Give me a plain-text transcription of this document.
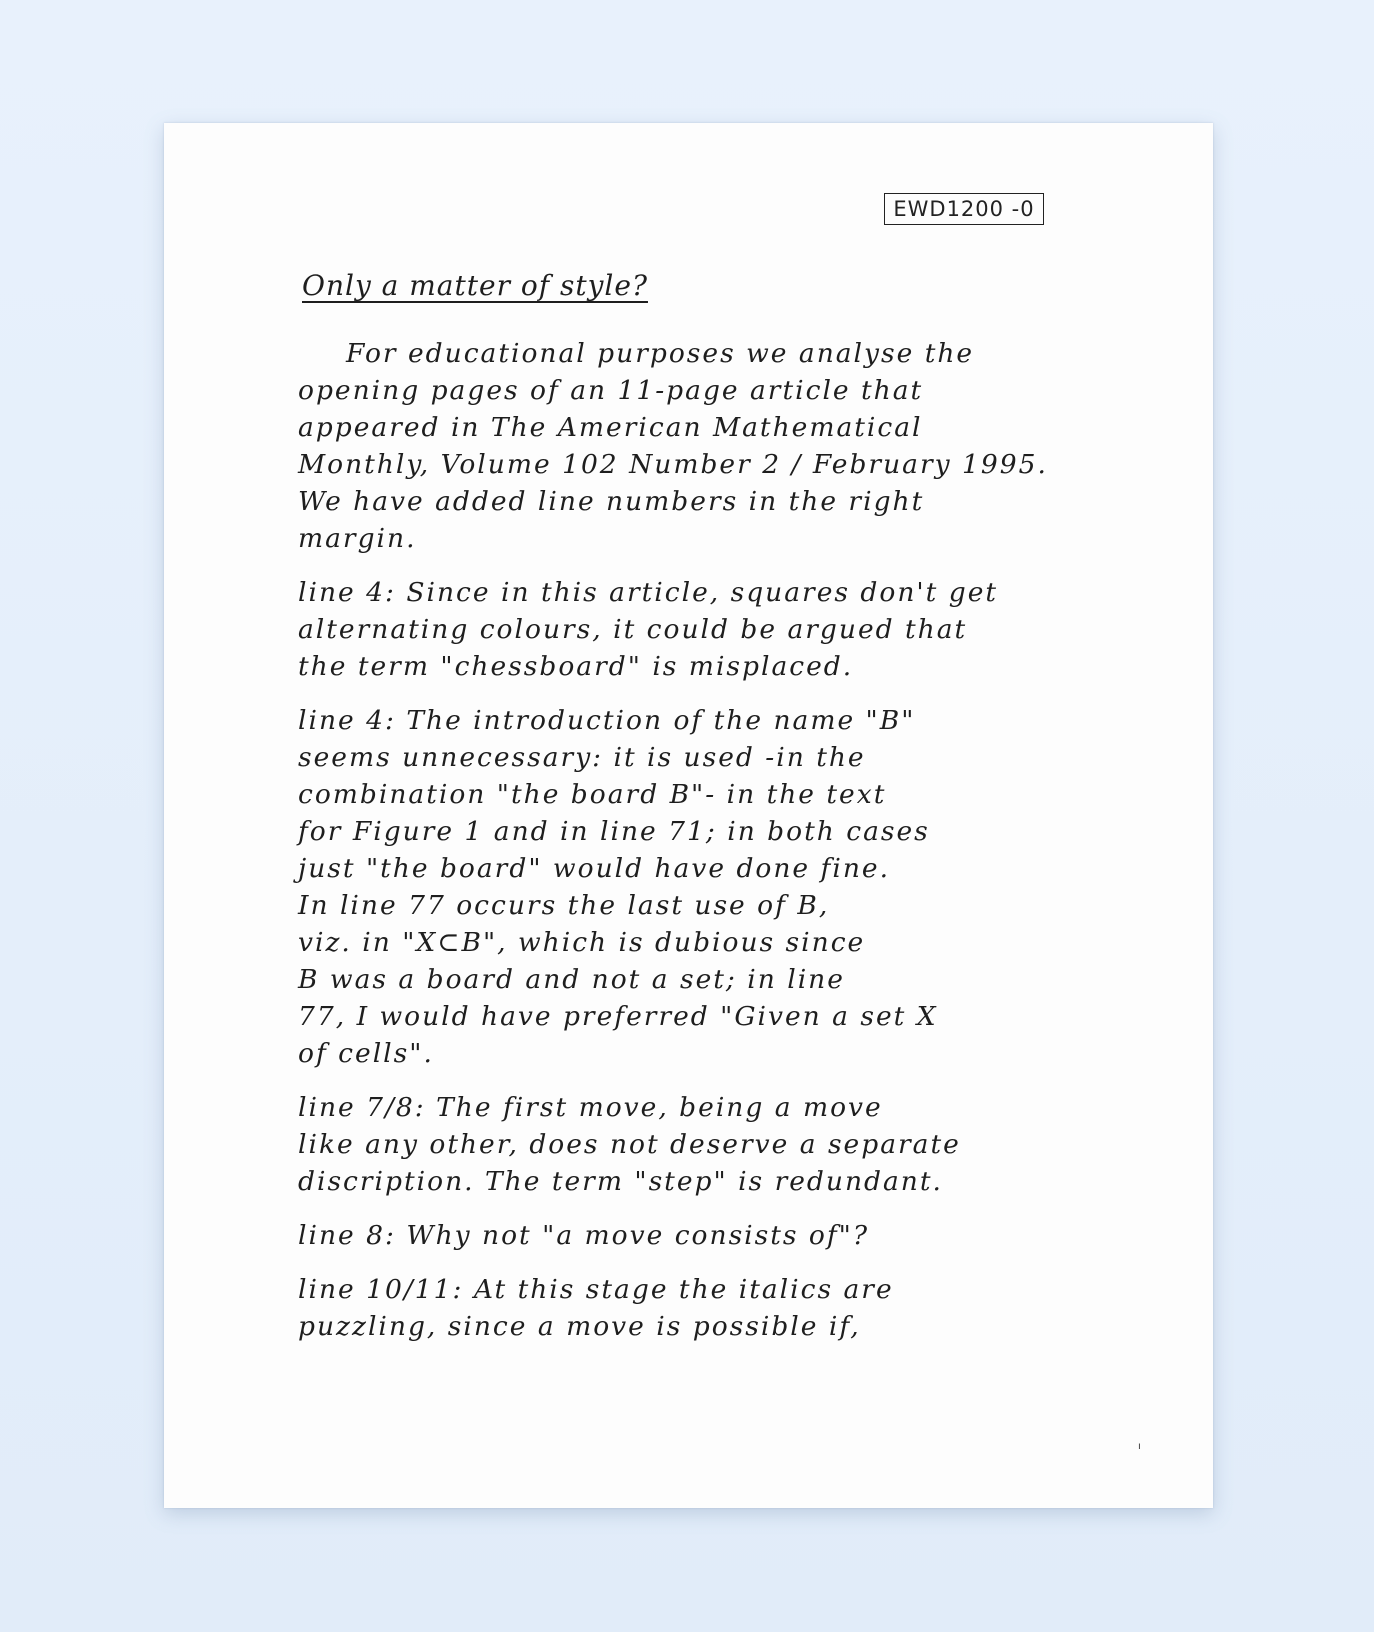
EWD1200 -0
Only a matter of style?

For educational purposes we analyse the
opening pages of an 11-page article that
appeared in The American Mathematical
Monthly, Volume 102 Number 2 / February 1995.
We have added line numbers in the right
margin.

line 4: Since in this article, squares don't get
alternating colours, it could be argued that
the term "chessboard" is misplaced.

line 4: The introduction of the name "B"
seems unnecessary: it is used -in the
combination "the board B"- in the text
for Figure 1 and in line 71; in both cases
just "the board" would have done fine.
In line 77 occurs the last use of B,
viz. in "X⊂B", which is dubious since
B was a board and not a set; in line
77, I would have preferred "Given a set X
of cells".

line 7/8: The first move, being a move
like any other, does not deserve a separate
discription. The term "step" is redundant.

line 8: Why not "a move consists of"?

line 10/11: At this stage the italics are
puzzling, since a move is possible if,

ı
